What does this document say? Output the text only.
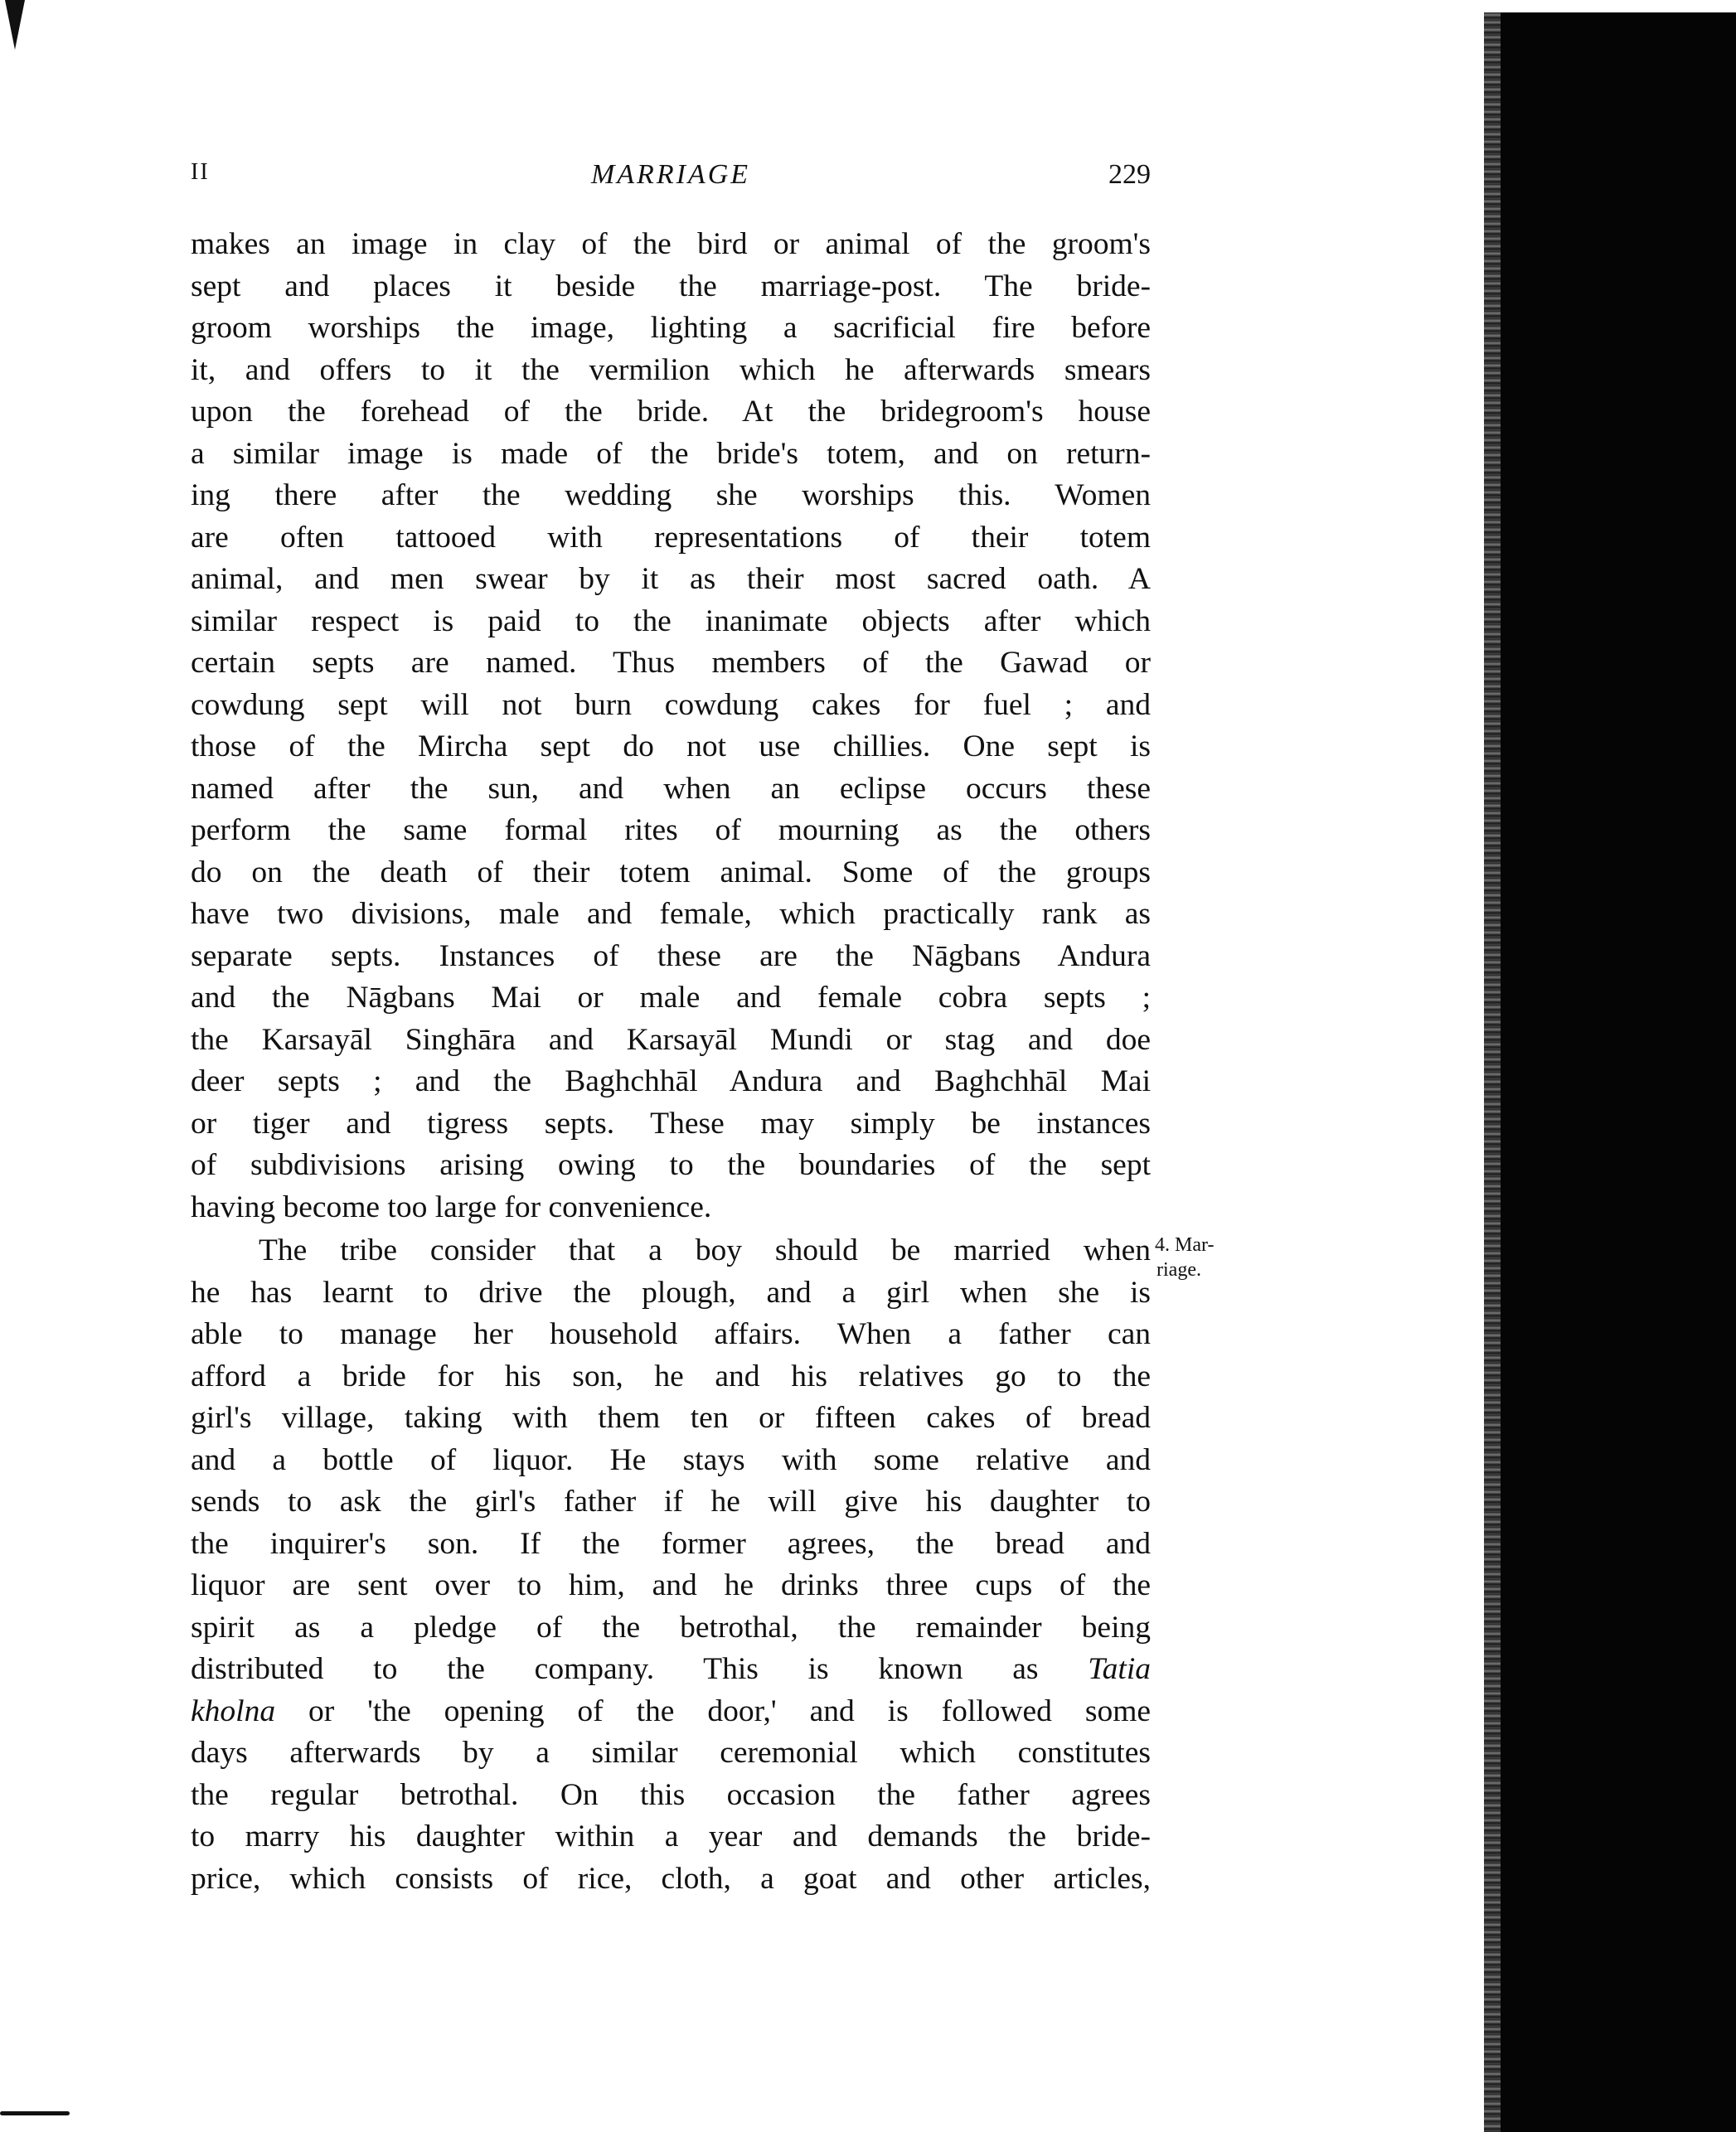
II	MARRIAGE	229
makes an image in clay of the bird or animal of the groom's
sept and places it beside the marriage-post. The bride-
groom worships the image, lighting a sacrificial fire before
it, and offers to it the vermilion which he afterwards smears
upon the forehead of the bride. At the bridegroom's house
a similar image is made of the bride's totem, and on return-
ing there after the wedding she worships this. Women
are often tattooed with representations of their totem
animal, and men swear by it as their most sacred oath. A
similar respect is paid to the inanimate objects after which
certain septs are named. Thus members of the Gawad or
cowdung sept will not burn cowdung cakes for fuel ; and
those of the Mircha sept do not use chillies. One sept is
named after the sun, and when an eclipse occurs these
perform the same formal rites of mourning as the others
do on the death of their totem animal. Some of the groups
have two divisions, male and female, which practically rank as
separate septs. Instances of these are the Nāgbans Andura
and the Nāgbans Mai or male and female cobra septs ;
the Karsayāl Singhāra and Karsayāl Mundi or stag and doe
deer septs ; and the Baghchhāl Andura and Baghchhāl Mai
or tiger and tigress septs. These may simply be instances
of subdivisions arising owing to the boundaries of the sept
having become too large for convenience.
The tribe consider that a boy should be married when
he has learnt to drive the plough, and a girl when she is
able to manage her household affairs. When a father can
afford a bride for his son, he and his relatives go to the
girl's village, taking with them ten or fifteen cakes of bread
and a bottle of liquor. He stays with some relative and
sends to ask the girl's father if he will give his daughter to
the inquirer's son. If the former agrees, the bread and
liquor are sent over to him, and he drinks three cups of the
spirit as a pledge of the betrothal, the remainder being
distributed to the company. This is known as Tatia
kholna or 'the opening of the door,' and is followed some
days afterwards by a similar ceremonial which constitutes
the regular betrothal. On this occasion the father agrees
to marry his daughter within a year and demands the bride-
price, which consists of rice, cloth, a goat and other articles,
4. Mar-
riage.
